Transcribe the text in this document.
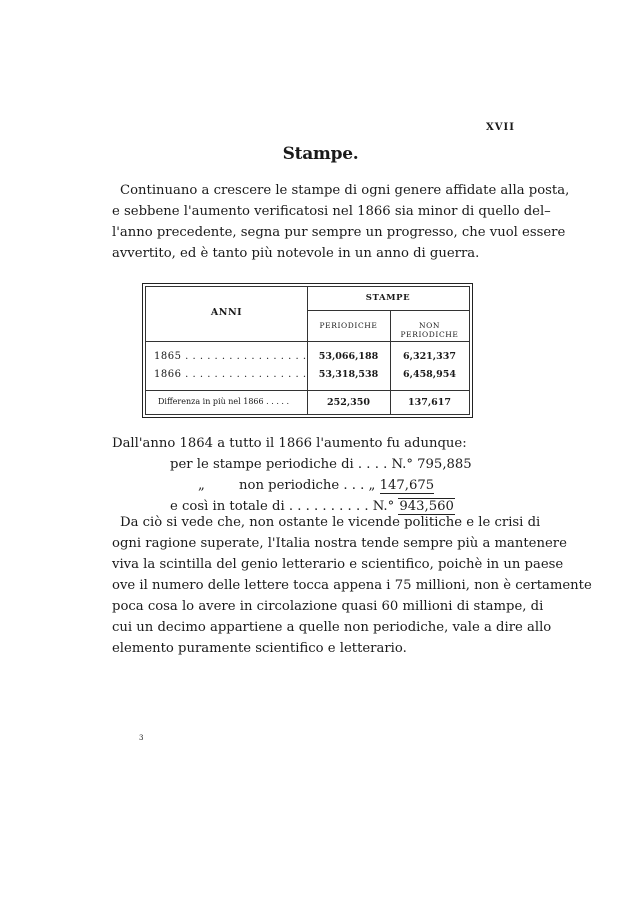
XVII
Stampe.
Continuano a crescere le stampe di ogni genere affidate alla posta,
e sebbene l'aumento verificatosi nel 1866 sia minor di quello del–
l'anno precedente, segna pur sempre un progresso, che vuol essere
avvertito, ed è tanto più notevole in un anno di guerra.
ANNI
STAMPE
PERIODICHE	NON PERIODICHE
1865 . . . . . . . . . . . . . . . . .	53,066,188	6,321,337
1866 . . . . . . . . . . . . . . . . .	53,318,538	6,458,954
Differenza in più nel 1866 . . . . .	252,350	137,617
Dall'anno 1864 a tutto il 1866 l'aumento fu adunque:
per le stampe periodiche di . . . . N.° 795,885
„	non periodiche . . . „ 147,675
e così in totale di . . . . . . . . . . N.° 943,560
Da ciò si vede che, non ostante le vicende politiche e le crisi di
ogni ragione superate, l'Italia nostra tende sempre più a mantenere
viva la scintilla del genio letterario e scientifico, poichè in un paese
ove il numero delle lettere tocca appena i 75 millioni, non è certamente
poca cosa lo avere in circolazione quasi 60 millioni di stampe, di
cui un decimo appartiene a quelle non periodiche, vale a dire allo
elemento puramente scientifico e letterario.
3
